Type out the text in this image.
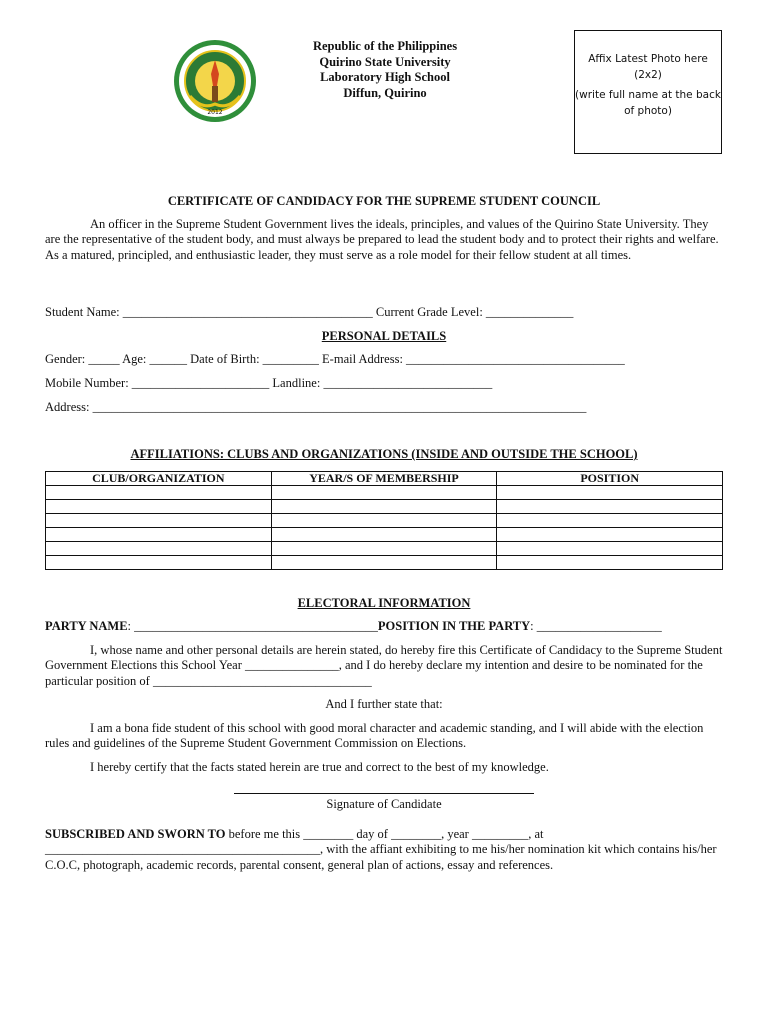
2012
Republic of the Philippines
Quirino State University
Laboratory High School
Diffun, Quirino
Affix Latest Photo here
(2x2)
(write full name at the back of photo)
CERTIFICATE OF CANDIDACY FOR THE SUPREME STUDENT COUNCIL

An officer in the Supreme Student Government lives the ideals, principles, and values of the Quirino State University. They are the representative of the student body, and must always be prepared to lead the student body and to protect their rights and welfare. As a matured, principled, and enthusiastic leader, they must serve as a role model for their fellow student at all times.

Student Name: ________________________________________ Current Grade Level: ______________
PERSONAL DETAILS
Gender: _____ Age: ______ Date of Birth: _________ E-mail Address: ___________________________________
Mobile Number: ______________________ Landline: ___________________________
Address: _______________________________________________________________________________
AFFILIATIONS: CLUBS AND ORGANIZATIONS (INSIDE AND OUTSIDE THE SCHOOL)
CLUB/ORGANIZATION	YEAR/S OF MEMBERSHIP	POSITION

ELECTORAL INFORMATION
PARTY NAME: _______________________________________POSITION IN THE PARTY: ____________________

I, whose name and other personal details are herein stated, do hereby fire this Certificate of Candidacy to the Supreme Student Government Elections this School Year _______________, and I do hereby declare my intention and desire to be nominated for the particular position of ___________________________________

And I further state that:

I am a bona fide student of this school with good moral character and academic standing, and I will abide with the election rules and guidelines of the Supreme Student Government Commission on Elections.

I hereby certify that the facts stated herein are true and correct to the best of my knowledge.

Signature of Candidate

SUBSCRIBED AND SWORN TO before me this ________ day of ________, year _________, at ____________________________________________, with the affiant exhibiting to me his/her nomination kit which contains his/her C.O.C, photograph, academic records, parental consent, general plan of actions, essay and references.
